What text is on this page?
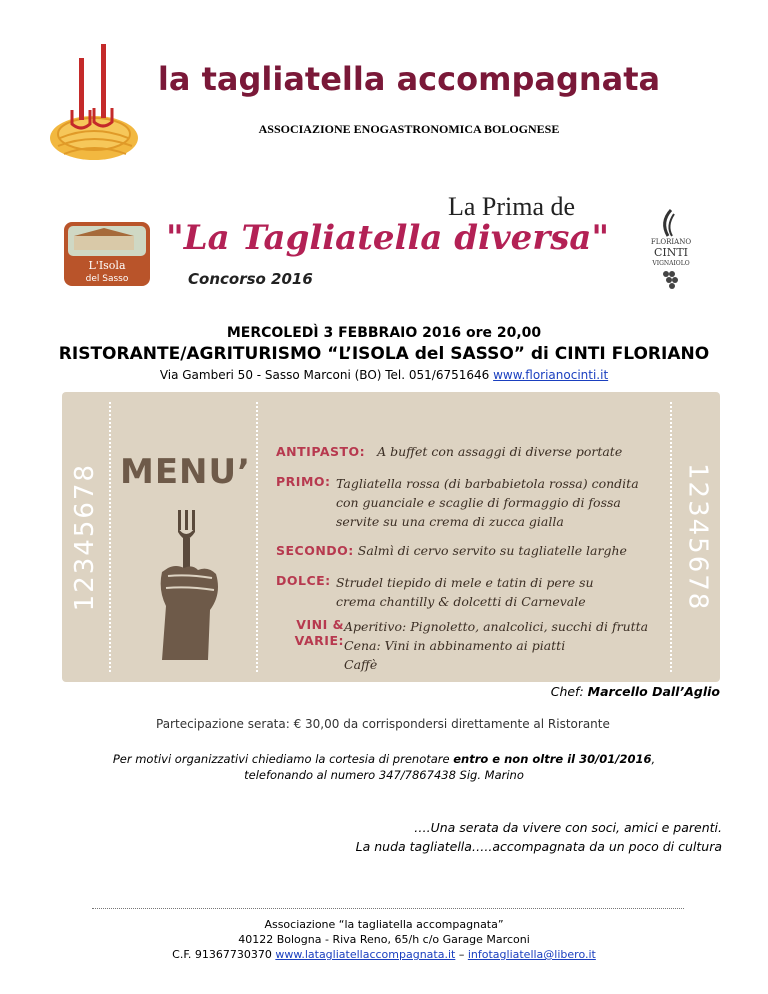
la tagliatella accompagnata
ASSOCIAZIONE ENOGASTRONOMICA BOLOGNESE
La Prima de
"La Tagliatella diversa"
Concorso 2016
L'Isola
del Sasso
FLORIANO
CINTI
VIGNAIOLO
MERCOLEDÌ 3 FEBBRAIO 2016 ore 20,00
RISTORANTE/AGRITURISMO “L’ISOLA del SASSO” di CINTI FLORIANO
Via Gamberi 50 - Sasso Marconi (BO) Tel. 051/6751646 www.florianocinti.it
12345678	12345678
MENU’
ANTIPASTO: A buffet con assaggi di diverse portate
PRIMO: Tagliatella rossa (di barbabietola rossa) condita con guanciale e scaglie di formaggio di fossa servite su una crema di zucca gialla
SECONDO: Salmì di cervo servito su tagliatelle larghe
DOLCE: Strudel tiepido di mele e tatin di pere su crema chantilly & dolcetti di Carnevale
VINI & VARIE:
Aperitivo: Pignoletto, analcolici, succhi di frutta
Cena: Vini in abbinamento ai piatti
Caffè
Chef: Marcello Dall’Aglio
Partecipazione serata: € 30,00 da corrispondersi direttamente al Ristorante
Per motivi organizzativi chiediamo la cortesia di prenotare entro e non oltre il 30/01/2016,
telefonando al numero 347/7867438 Sig. Marino
….Una serata da vivere con soci, amici e parenti.
La nuda tagliatella…..accompagnata da un poco di cultura
Associazione “la tagliatella accompagnata”
40122 Bologna - Riva Reno, 65/h c/o Garage Marconi
C.F. 91367730370 www.latagliatellaccompagnata.it – infotagliatella@libero.it
